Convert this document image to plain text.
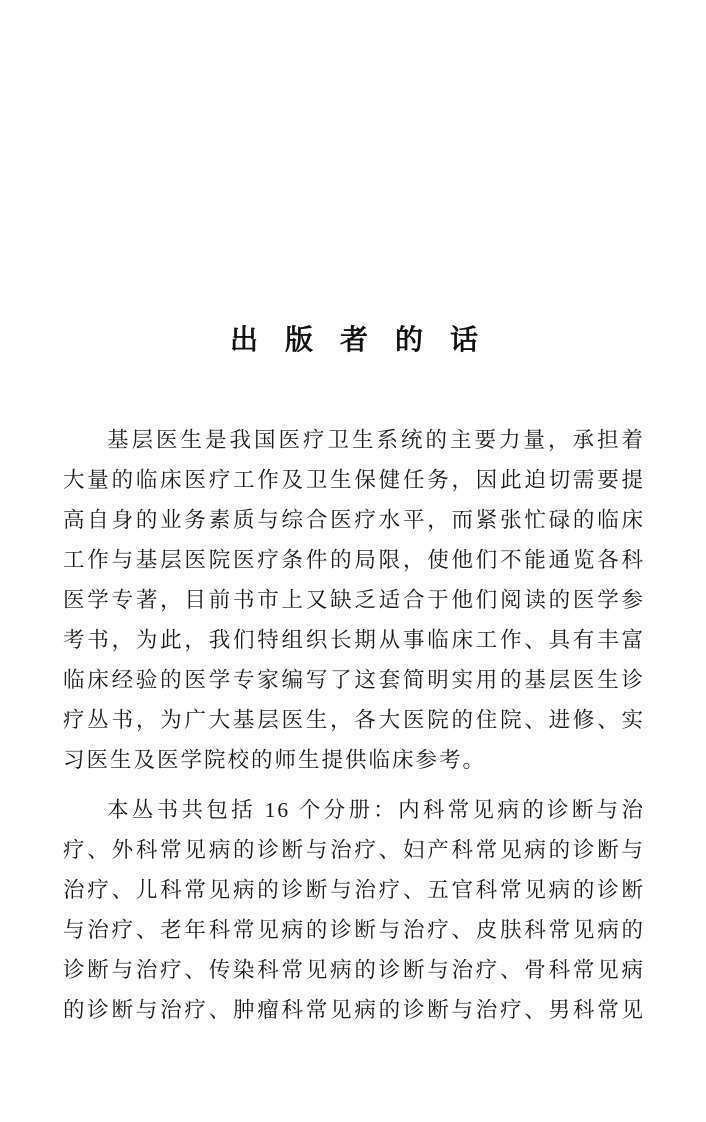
出版者的话
基层医生是我国医疗卫生系统的主要力量，承担着
大量的临床医疗工作及卫生保健任务，因此迫切需要提
高自身的业务素质与综合医疗水平，而紧张忙碌的临床
工作与基层医院医疗条件的局限，使他们不能通览各科
医学专著，目前书市上又缺乏适合于他们阅读的医学参
考书，为此，我们特组织长期从事临床工作、具有丰富
临床经验的医学专家编写了这套简明实用的基层医生诊
疗丛书，为广大基层医生，各大医院的住院、进修、实
习医生及医学院校的师生提供临床参考。
本丛书共包括 16 个分册：内科常见病的诊断与治
疗、外科常见病的诊断与治疗、妇产科常见病的诊断与
治疗、儿科常见病的诊断与治疗、五官科常见病的诊断
与治疗、老年科常见病的诊断与治疗、皮肤科常见病的
诊断与治疗、传染科常见病的诊断与治疗、骨科常见病
的诊断与治疗、肿瘤科常见病的诊断与治疗、男科常见
